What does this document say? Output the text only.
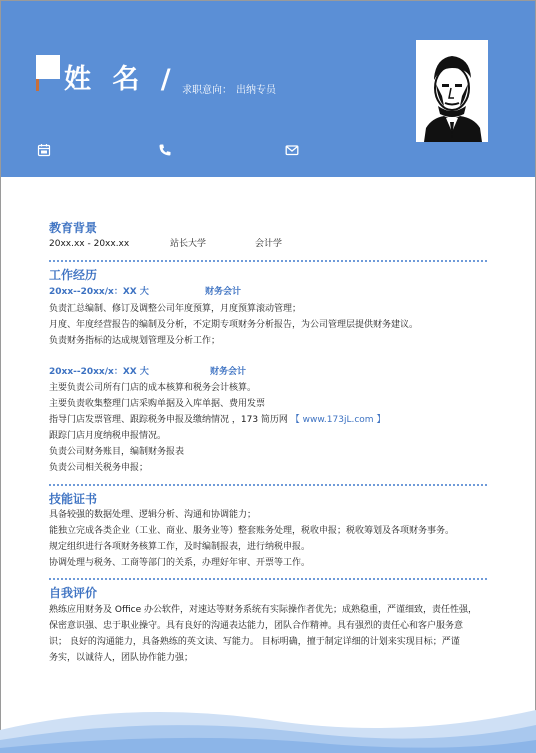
姓 名 / 求职意向： 出纳专员
教育背景
20xx.xx - 20xx.xx	站长大学	会计学
工作经历
20xx--20xx/x：XX 大	财务会计
负责汇总编制、修订及调整公司年度预算，月度预算滚动管理；
月度、年度经营报告的编制及分析，不定期专项财务分析报告，为公司管理层提供财务建议。
负责财务指标的达成规划管理及分析工作；
20xx--20xx/x：XX 大	财务会计
主要负责公司所有门店的成本核算和税务会计核算。
主要负责收集整理门店采购单据及入库单据、费用发票
指导门店发票管理、跟踪税务申报及缴纳情况 ，173 简历网 【 www.173jL.com 】
跟踪门店月度纳税申报情况。
负责公司财务账目，编制财务报表
负责公司相关税务申报；
技能证书
具备较强的数据处理、逻辑分析、沟通和协调能力；
能独立完成各类企业（工业、商业、服务业等）整套账务处理，税收申报；税收筹划及各项财务事务。
规定组织进行各项财务核算工作，及时编制报表，进行纳税申报。
协调处理与税务、工商等部门的关系，办理好年审、开票等工作。
自我评价
熟练应用财务及 Office 办公软件，对速达等财务系统有实际操作者优先；成熟稳重，严谨细致，责任性强，
保密意识强、忠于职业操守。具有良好的沟通表达能力，团队合作精神。具有强烈的责任心和客户服务意
识； 良好的沟通能力，具备熟练的英文读、写能力。 目标明确，擅于制定详细的计划来实现目标；严谨
务实，以诚待人，团队协作能力强；
